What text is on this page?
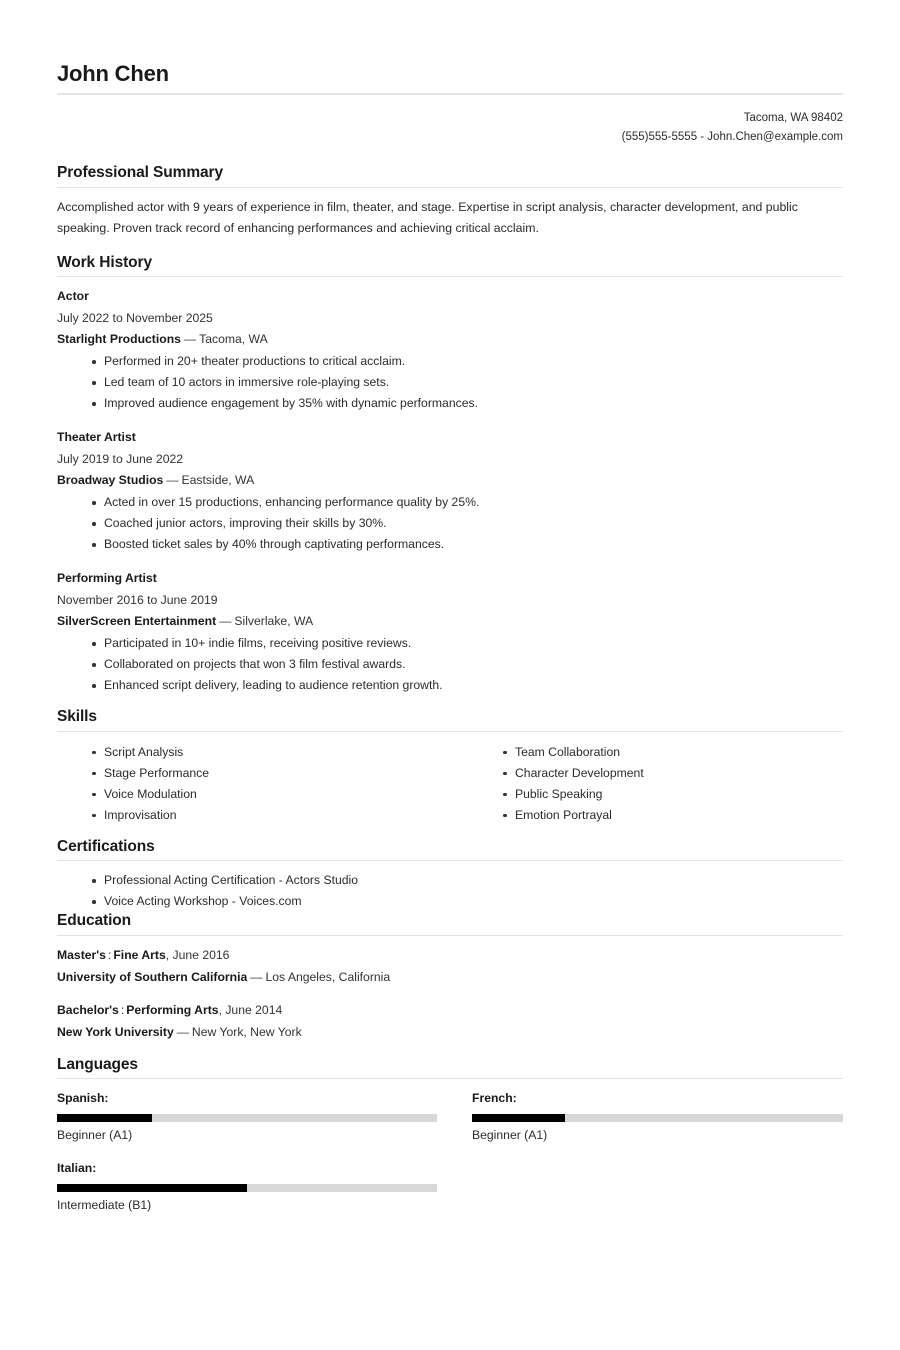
John Chen
Tacoma, WA 98402
(555)555-5555 - John.Chen@example.com
Professional Summary
Accomplished actor with 9 years of experience in film, theater, and stage. Expertise in script analysis, character development, and public speaking. Proven track record of enhancing performances and achieving critical acclaim.
Work History
Actor
July 2022 to November 2025
Starlight Productions — Tacoma, WA
Performed in 20+ theater productions to critical acclaim.
Led team of 10 actors in immersive role-playing sets.
Improved audience engagement by 35% with dynamic performances.
Theater Artist
July 2019 to June 2022
Broadway Studios — Eastside, WA
Acted in over 15 productions, enhancing performance quality by 25%.
Coached junior actors, improving their skills by 30%.
Boosted ticket sales by 40% through captivating performances.
Performing Artist
November 2016 to June 2019
SilverScreen Entertainment — Silverlake, WA
Participated in 10+ indie films, receiving positive reviews.
Collaborated on projects that won 3 film festival awards.
Enhanced script delivery, leading to audience retention growth.
Skills
Script Analysis
Stage Performance
Voice Modulation
Improvisation
Team Collaboration
Character Development
Public Speaking
Emotion Portrayal
Certifications
Professional Acting Certification - Actors Studio
Voice Acting Workshop - Voices.com
Education
Master's : Fine Arts, June 2016
University of Southern California — Los Angeles, California
Bachelor's : Performing Arts, June 2014
New York University — New York, New York
Languages
Spanish:
Beginner (A1)
French:
Beginner (A1)
Italian:
Intermediate (B1)
